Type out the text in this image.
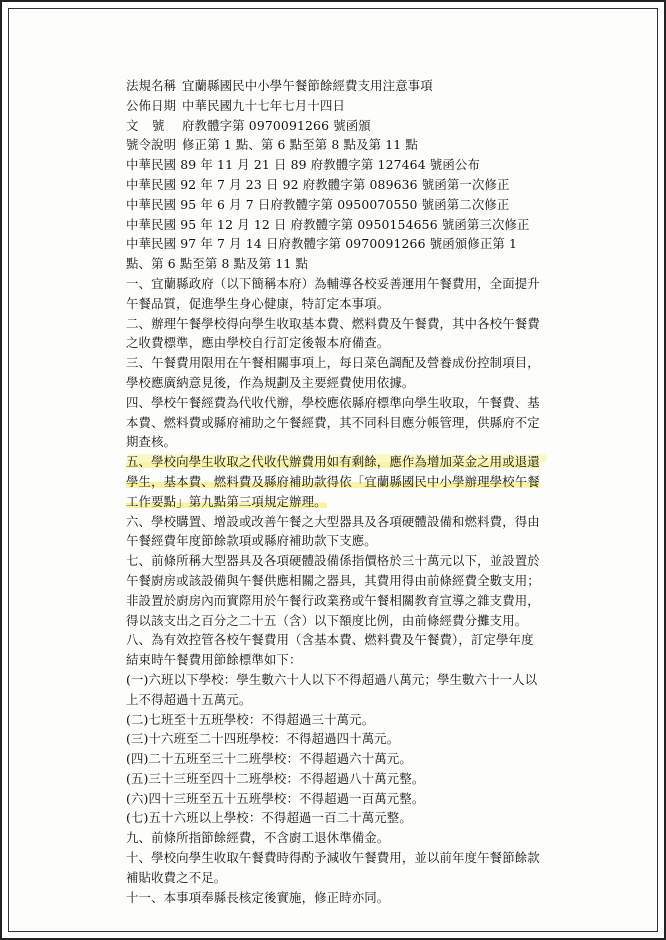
法規名稱 宜蘭縣國民中小學午餐節餘經費支用注意事項
公佈日期 中華民國九十七年七月十四日
文號 府教體字第 0970091266 號函頒
號令說明 修正第 1 點、第 6 點至第 8 點及第 11 點
中華民國 89 年 11 月 21 日 89 府教體字第 127464 號函公布
中華民國 92 年 7 月 23 日 92 府教體字第 089636 號函第一次修正
中華民國 95 年 6 月 7 日府教體字第 0950070550 號函第二次修正
中華民國 95 年 12 月 12 日 府教體字第 0950154656 號函第三次修正
中華民國 97 年 7 月 14 日府教體字第 0970091266 號函頒修正第 1 點、第 6 點至第 8 點及第 11 點
一、宜蘭縣政府（以下簡稱本府）為輔導各校妥善運用午餐費用，全面提升午餐品質，促進學生身心健康，特訂定本事項。
二、辦理午餐學校得向學生收取基本費、燃料費及午餐費，其中各校午餐費之收費標準，應由學校自行訂定後報本府備查。
三、午餐費用限用在午餐相關事項上，每日菜色調配及營養成份控制項目，學校應廣納意見後，作為規劃及主要經費使用依據。
四、學校午餐經費為代收代辦，學校應依縣府標準向學生收取，午餐費、基本費、燃料費或縣府補助之午餐經費，其不同科目應分帳管理，供縣府不定期查核。
五、學校向學生收取之代收代辦費用如有剩餘，應作為增加菜金之用或退還學生，基本費、燃料費及縣府補助款得依「宜蘭縣國民中小學辦理學校午餐工作要點」第九點第三項規定辦理。
六、學校購置、增設或改善午餐之大型器具及各項硬體設備和燃料費，得由午餐經費年度節餘款項或縣府補助款下支應。
七、前條所稱大型器具及各項硬體設備係指價格於三十萬元以下，並設置於午餐廚房或該設備與午餐供應相關之器具，其費用得由前條經費全數支用；非設置於廚房內而實際用於午餐行政業務或午餐相關教育宣導之雜支費用，得以該支出之百分之二十五（含）以下額度比例，由前條經費分攤支用。
八、為有效控管各校午餐費用（含基本費、燃料費及午餐費），訂定學年度結束時午餐費用節餘標準如下：
(一)六班以下學校：學生數六十人以下不得超過八萬元；學生數六十一人以上不得超過十五萬元。
(二)七班至十五班學校：不得超過三十萬元。
(三)十六班至二十四班學校：不得超過四十萬元。
(四)二十五班至三十二班學校：不得超過六十萬元。
(五)三十三班至四十二班學校：不得超過八十萬元整。
(六)四十三班至五十五班學校：不得超過一百萬元整。
(七)五十六班以上學校：不得超過一百二十萬元整。
九、前條所指節餘經費，不含廚工退休準備金。
十、學校向學生收取午餐費時得酌予減收午餐費用，並以前年度午餐節餘款補貼收費之不足。
十一、本事項奉縣長核定後實施，修正時亦同。
